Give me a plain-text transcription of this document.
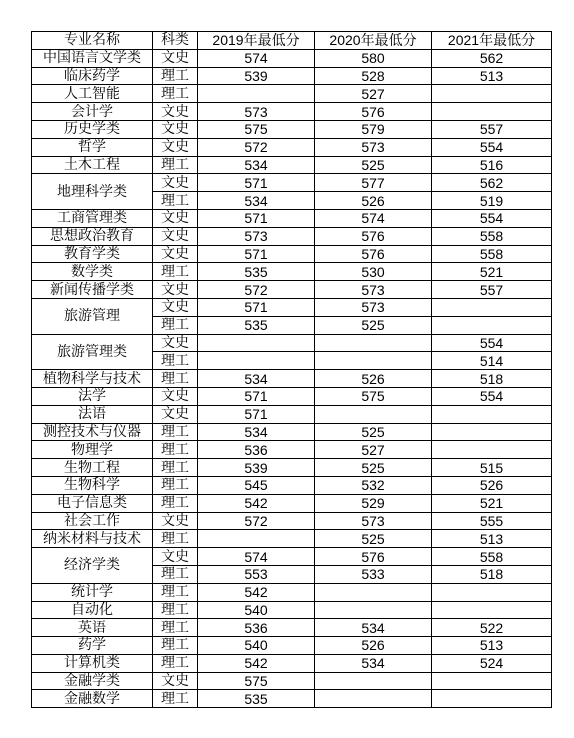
专业名称	科类	2019年最低分	2020年最低分	2021年最低分
中国语言文学类	文史	574	580	562
临床药学	理工	539	528	513
人工智能	理工		527	
会计学	文史	573	576	
历史学类	文史	575	579	557
哲学	文史	572	573	554
土木工程	理工	534	525	516
地理科学类	文史	571	577	562
	理工	534	526	519
工商管理类	文史	571	574	554
思想政治教育	文史	573	576	558
教育学类	文史	571	576	558
数学类	理工	535	530	521
新闻传播学类	文史	572	573	557
旅游管理	文史	571	573	
	理工	535	525	
旅游管理类	文史			554
	理工			514
植物科学与技术	理工	534	526	518
法学	文史	571	575	554
法语	文史	571		
测控技术与仪器	理工	534	525	
物理学	理工	536	527	
生物工程	理工	539	525	515
生物科学	理工	545	532	526
电子信息类	理工	542	529	521
社会工作	文史	572	573	555
纳米材料与技术	理工		525	513
经济学类	文史	574	576	558
	理工	553	533	518
统计学	理工	542		
自动化	理工	540		
英语	理工	536	534	522
药学	理工	540	526	513
计算机类	理工	542	534	524
金融学类	文史	575		
金融数学	理工	535		
